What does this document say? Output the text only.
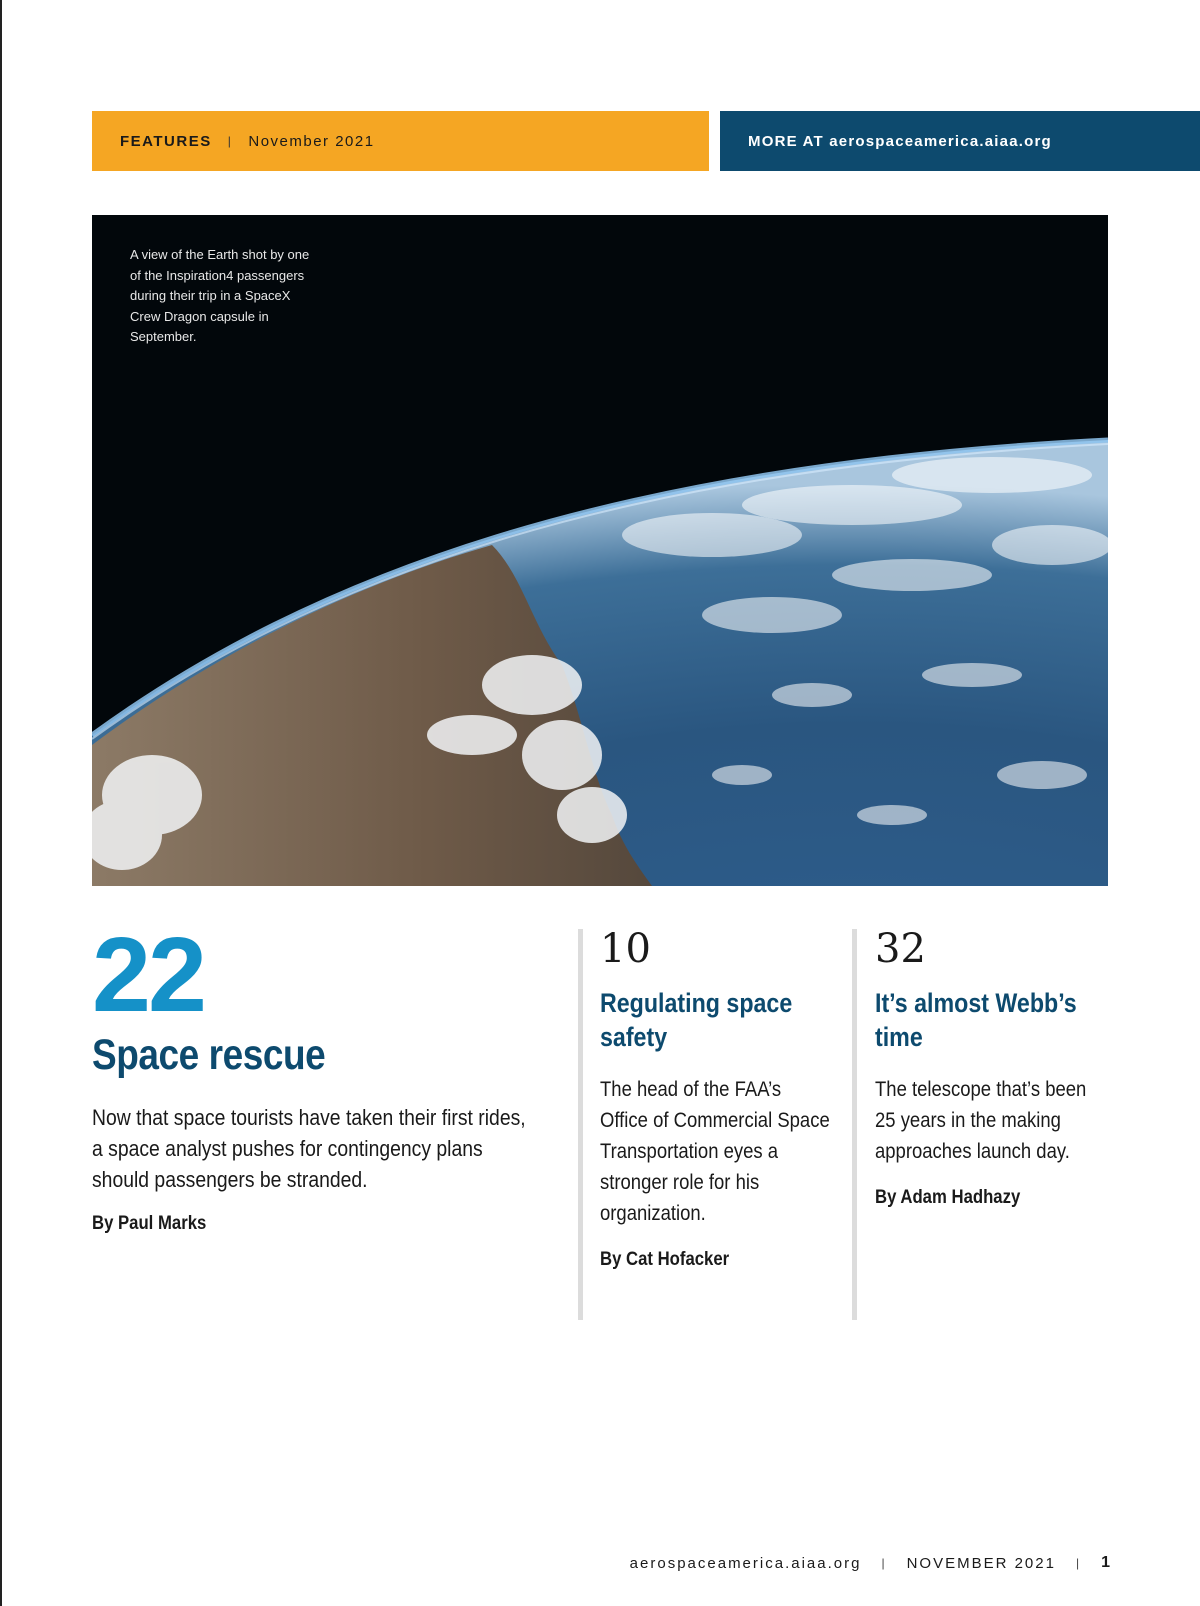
FEATURES | November 2021	MORE AT aerospaceamerica.aiaa.org
A view of the Earth shot by one of the Inspiration4 passengers during their trip in a SpaceX Crew Dragon capsule in September.
22
Space rescue
Now that space tourists have taken their first rides, a space analyst pushes for contingency plans should passengers be stranded.
By Paul Marks
10
Regulating space safety
The head of the FAA’s Office of Commercial Space Transportation eyes a stronger role for his organization.
By Cat Hofacker
32
It’s almost Webb’s time
The telescope that’s been 25 years in the making approaches launch day.
By Adam Hadhazy
aerospaceamerica.aiaa.org | NOVEMBER 2021 | 1
